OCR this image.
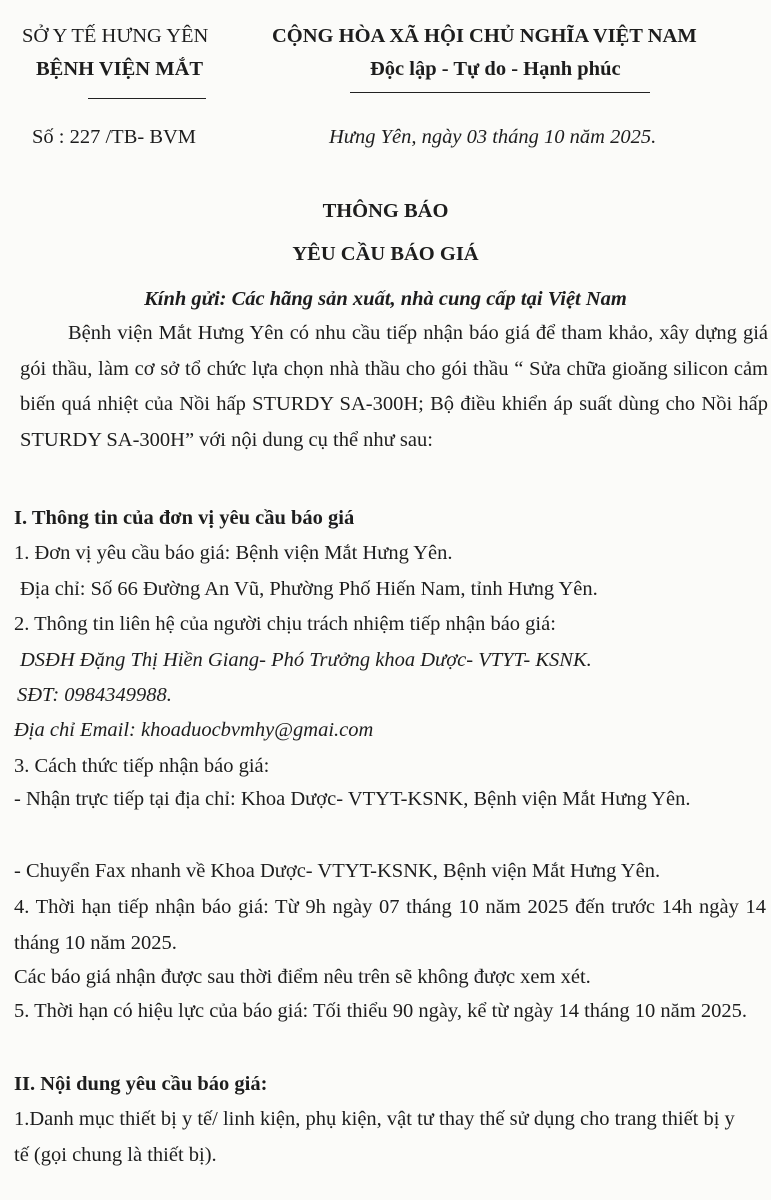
SỞ Y TẾ HƯNG YÊN
BỆNH VIỆN MẮT
CỘNG HÒA XÃ HỘI CHỦ NGHĨA VIỆT NAM
Độc lập - Tự do - Hạnh phúc
Số : 227 /TB- BVM	Hưng Yên, ngày 03 tháng 10 năm 2025.
THÔNG BÁO
YÊU CẦU BÁO GIÁ
Kính gửi: Các hãng sản xuất, nhà cung cấp tại Việt Nam
Bệnh viện Mắt Hưng Yên có nhu cầu tiếp nhận báo giá để tham khảo, xây dựng giá gói thầu, làm cơ sở tổ chức lựa chọn nhà thầu cho gói thầu “ Sửa chữa gioăng silicon cảm biến quá nhiệt của Nồi hấp STURDY SA-300H; Bộ điều khiển áp suất dùng cho Nồi hấp STURDY SA-300H” với nội dung cụ thể như sau:
I. Thông tin của đơn vị yêu cầu báo giá
1. Đơn vị yêu cầu báo giá: Bệnh viện Mắt Hưng Yên.
Địa chỉ: Số 66 Đường An Vũ, Phường Phố Hiến Nam, tỉnh Hưng Yên.
2. Thông tin liên hệ của người chịu trách nhiệm tiếp nhận báo giá:
DSĐH Đặng Thị Hiền Giang- Phó Trưởng khoa Dược- VTYT- KSNK.
SĐT: 0984349988.
Địa chỉ Email: khoaduocbvmhy@gmai.com
3. Cách thức tiếp nhận báo giá:
- Nhận trực tiếp tại địa chỉ: Khoa Dược- VTYT-KSNK, Bệnh viện Mắt Hưng Yên.
- Chuyển Fax nhanh về Khoa Dược- VTYT-KSNK, Bệnh viện Mắt Hưng Yên.
4. Thời hạn tiếp nhận báo giá: Từ 9h ngày 07 tháng 10 năm 2025 đến trước 14h ngày 14 tháng 10 năm 2025.
Các báo giá nhận được sau thời điểm nêu trên sẽ không được xem xét.
5. Thời hạn có hiệu lực của báo giá: Tối thiểu 90 ngày, kể từ ngày 14 tháng 10 năm 2025.
II. Nội dung yêu cầu báo giá:
1.Danh mục thiết bị y tế/ linh kiện, phụ kiện, vật tư thay thế sử dụng cho trang thiết bị y tế (gọi chung là thiết bị).
